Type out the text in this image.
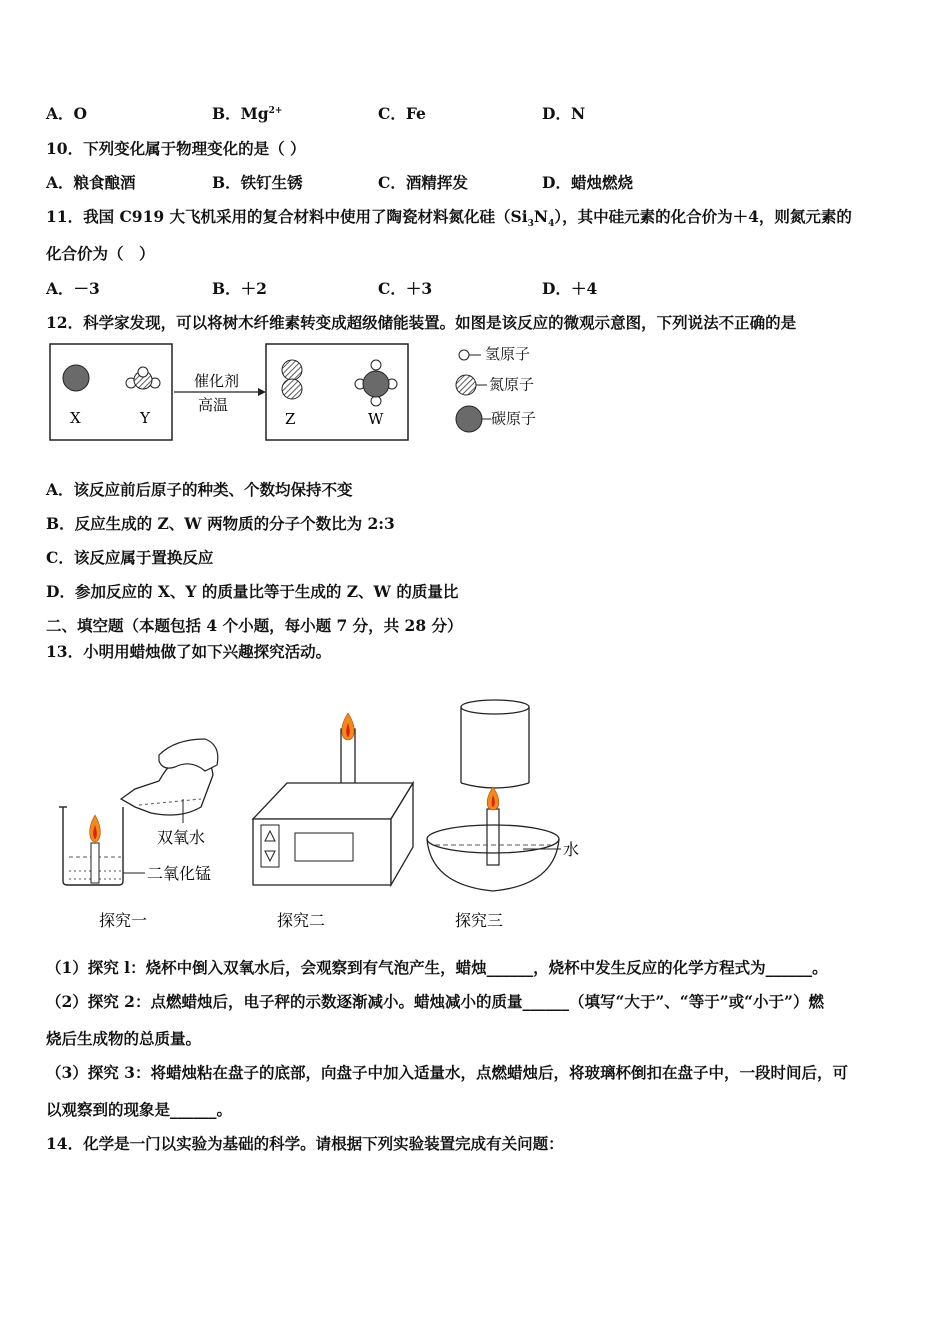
A．O	B．$Mg^{2+}$	C．Fe	D．N
10．下列变化属于物理变化的是（ ）
A．粮食酿酒	B．铁钉生锈	C．酒精挥发	D．蜡烛燃烧
11．我国 C919 大飞机采用的复合材料中使用了陶瓷材料氮化硅$(Si_3N_4)$，其中硅元素的化合价为＋4，则氮元素的
化合价为（　）
A．－3	B．＋2	C．＋3	D．＋4
12．科学家发现，可以将树木纤维素转变成超级储能装置。如图是该反应的微观示意图，下列说法不正确的是
X	Y
催化剂
高温
Z	W
氢原子
氮原子
碳原子
A．该反应前后原子的种类、个数均保持不变
B．反应生成的 Z、W 两物质的分子个数比为 2:3
C．该反应属于置换反应
D．参加反应的 X、Y 的质量比等于生成的 Z、W 的质量比
二、填空题（本题包括 4 个小题，每小题 7 分，共 28 分）
13．小明用蜡烛做了如下兴趣探究活动。
双氧水
二氧化锰
探究一	探究二
水
探究三
（1）探究 l：烧杯中倒入双氧水后，会观察到有气泡产生，蜡烛______，烧杯中发生反应的化学方程式为______。
（2）探究 2：点燃蜡烛后，电子秤的示数逐渐减小。蜡烛减小的质量______（填写“大于”、“等于”或“小于”）燃
烧后生成物的总质量。
（3）探究 3：将蜡烛粘在盘子的底部，向盘子中加入适量水，点燃蜡烛后，将玻璃杯倒扣在盘子中，一段时间后，可
以观察到的现象是______。
14．化学是一门以实验为基础的科学。请根据下列实验装置完成有关问题：
